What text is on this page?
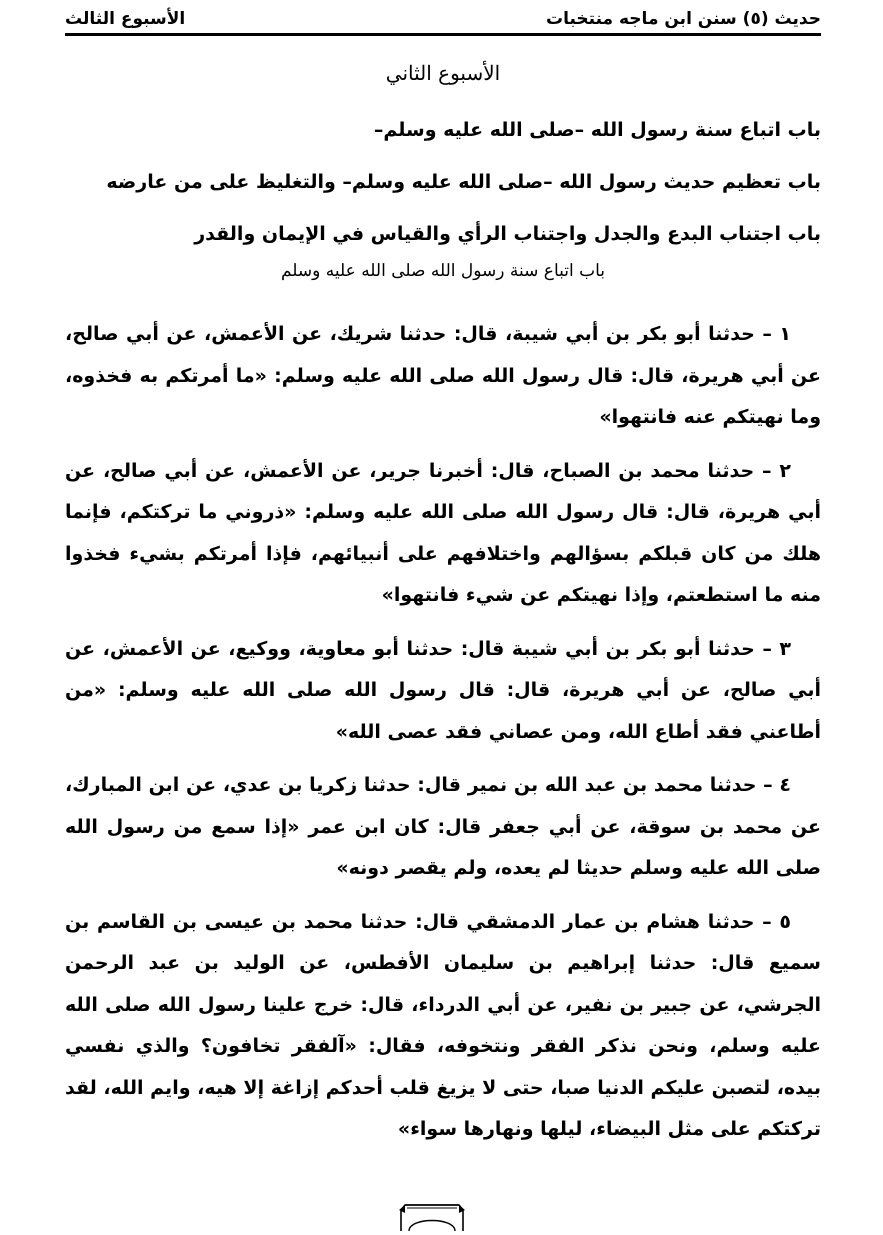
حديث (٥) سنن ابن ماجه منتخبات
الأسبوع الثالث
الأسبوع الثاني
باب اتباع سنة رسول الله –صلى الله عليه وسلم–
باب تعظيم حديث رسول الله –صلى الله عليه وسلم– والتغليظ على من عارضه
باب اجتناب البدع والجدل واجتناب الرأي والقياس في الإيمان والقدر
باب اتباع سنة رسول الله صلى الله عليه وسلم

١ – حدثنا أبو بكر بن أبي شيبة، قال: حدثنا شريك، عن الأعمش، عن أبي صالح، عن أبي هريرة، قال: قال رسول الله صلى الله عليه وسلم: «ما أمرتكم به فخذوه، وما نهيتكم عنه فانتهوا»

٢ – حدثنا محمد بن الصباح، قال: أخبرنا جرير، عن الأعمش، عن أبي صالح، عن أبي هريرة، قال: قال رسول الله صلى الله عليه وسلم: «ذروني ما تركتكم، فإنما هلك من كان قبلكم بسؤالهم واختلافهم على أنبيائهم، فإذا أمرتكم بشيء فخذوا منه ما استطعتم، وإذا نهيتكم عن شيء فانتهوا»

٣ – حدثنا أبو بكر بن أبي شيبة قال: حدثنا أبو معاوية، ووكيع، عن الأعمش، عن أبي صالح، عن أبي هريرة، قال: قال رسول الله صلى الله عليه وسلم: «من أطاعني فقد أطاع الله، ومن عصاني فقد عصى الله»

٤ – حدثنا محمد بن عبد الله بن نمير قال: حدثنا زكريا بن عدي، عن ابن المبارك، عن محمد بن سوقة، عن أبي جعفر قال: كان ابن عمر «إذا سمع من رسول الله صلى الله عليه وسلم حديثا لم يعده، ولم يقصر دونه»

٥ – حدثنا هشام بن عمار الدمشقي قال: حدثنا محمد بن عيسى بن القاسم بن سميع قال: حدثنا إبراهيم بن سليمان الأفطس، عن الوليد بن عبد الرحمن الجرشي، عن جبير بن نفير، عن أبي الدرداء، قال: خرج علينا رسول الله صلى الله عليه وسلم، ونحن نذكر الفقر ونتخوفه، فقال: «آلفقر تخافون؟ والذي نفسي بيده، لتصبن عليكم الدنيا صبا، حتى لا يزيغ قلب أحدكم إزاغة إلا هيه، وايم الله، لقد تركتكم على مثل البيضاء، ليلها ونهارها سواء»
